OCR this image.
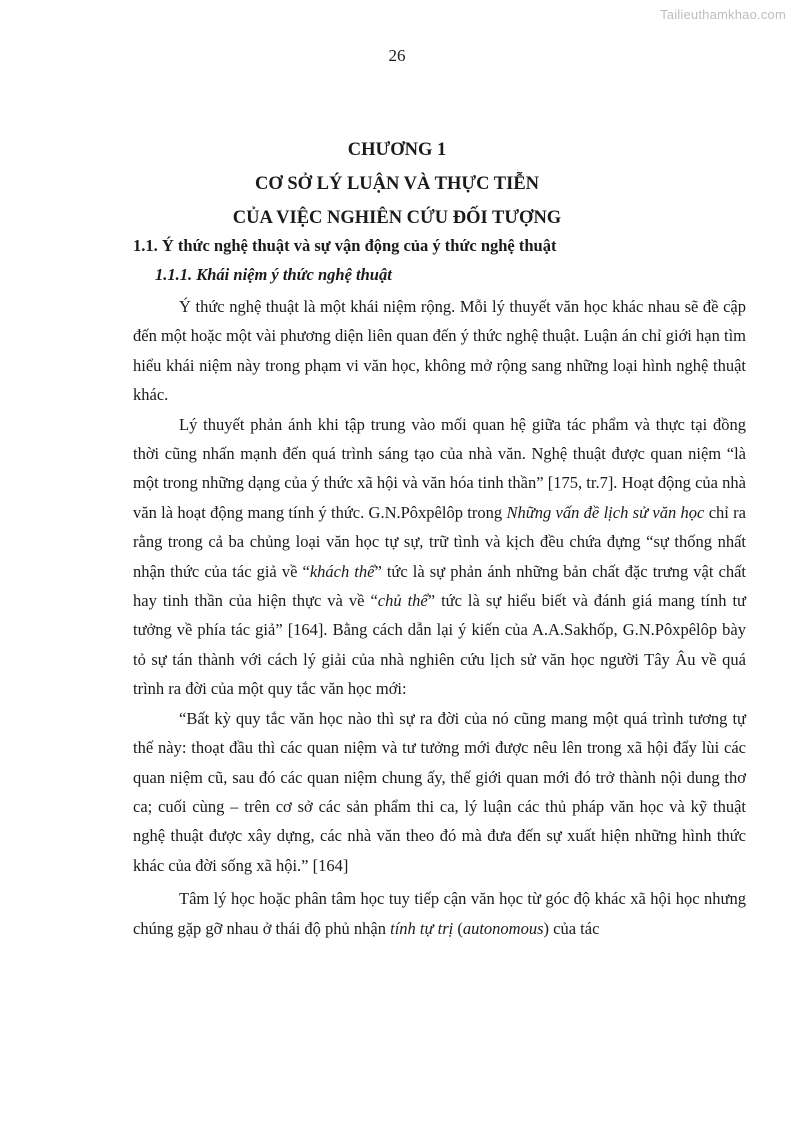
Tailieuthamkhao.com
26
CHƯƠNG 1
CƠ SỞ LÝ LUẬN VÀ THỰC TIỄN
CỦA VIỆC NGHIÊN CỨU ĐỐI TƯỢNG
1.1. Ý thức nghệ thuật và sự vận động của ý thức nghệ thuật
1.1.1. Khái niệm ý thức nghệ thuật

Ý thức nghệ thuật là một khái niệm rộng. Mỗi lý thuyết văn học khác nhau sẽ đề cập đến một hoặc một vài phương diện liên quan đến ý thức nghệ thuật. Luận án chỉ giới hạn tìm hiểu khái niệm này trong phạm vi văn học, không mở rộng sang những loại hình nghệ thuật khác.

Lý thuyết phản ánh khi tập trung vào mối quan hệ giữa tác phẩm và thực tại đồng thời cũng nhấn mạnh đến quá trình sáng tạo của nhà văn. Nghệ thuật được quan niệm “là một trong những dạng của ý thức xã hội và văn hóa tinh thần” [175, tr.7]. Hoạt động của nhà văn là hoạt động mang tính ý thức. G.N.Pôxpêlôp trong Những vấn đề lịch sử văn học chỉ ra rằng trong cả ba chủng loại văn học tự sự, trữ tình và kịch đều chứa đựng “sự thống nhất nhận thức của tác giả về “khách thể” tức là sự phản ánh những bản chất đặc trưng vật chất hay tinh thần của hiện thực và về “chủ thể” tức là sự hiểu biết và đánh giá mang tính tư tưởng về phía tác giả” [164]. Bằng cách dẫn lại ý kiến của A.A.Sakhốp, G.N.Pôxpêlôp bày tỏ sự tán thành với cách lý giải của nhà nghiên cứu lịch sử văn học người Tây Âu về quá trình ra đời của một quy tắc văn học mới:

“Bất kỳ quy tắc văn học nào thì sự ra đời của nó cũng mang một quá trình tương tự thế này: thoạt đầu thì các quan niệm và tư tưởng mới được nêu lên trong xã hội đẩy lùi các quan niệm cũ, sau đó các quan niệm chung ấy, thế giới quan mới đó trở thành nội dung thơ ca; cuối cùng – trên cơ sở các sản phẩm thi ca, lý luận các thủ pháp văn học và kỹ thuật nghệ thuật được xây dựng, các nhà văn theo đó mà đưa đến sự xuất hiện những hình thức khác của đời sống xã hội.” [164]

Tâm lý học hoặc phân tâm học tuy tiếp cận văn học từ góc độ khác xã hội học nhưng chúng gặp gỡ nhau ở thái độ phủ nhận tính tự trị (autonomous) của tác
